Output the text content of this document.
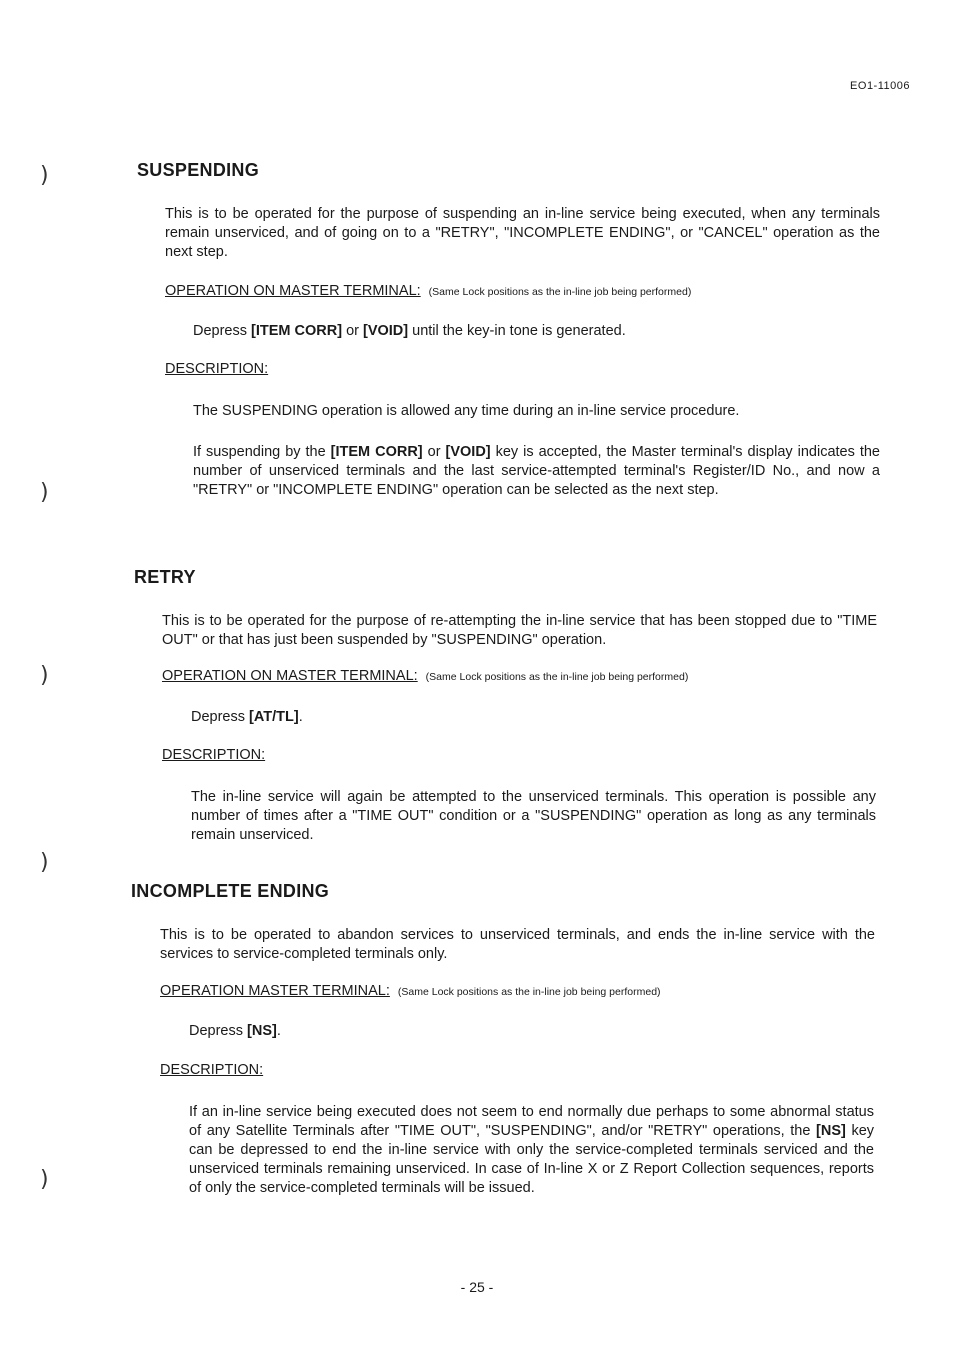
EO1-11006
)
)
)
)
)
SUSPENDING

This is to be operated for the purpose of suspending an in-line service being executed, when any terminals remain unserviced, and of going on to a "RETRY", "INCOMPLETE ENDING", or "CANCEL" operation as the next step.

OPERATION ON MASTER TERMINAL: (Same Lock positions as the in-line job being performed)
Depress [ITEM CORR] or [VOID] until the key-in tone is generated.
DESCRIPTION:

The SUSPENDING operation is allowed any time during an in-line service procedure.

If suspending by the [ITEM CORR] or [VOID] key is accepted, the Master terminal's display indicates the number of unserviced terminals and the last service-attempted terminal's Register/ID No., and now a "RETRY" or "INCOMPLETE ENDING" operation can be selected as the next step.

RETRY

This is to be operated for the purpose of re-attempting the in-line service that has been stopped due to "TIME OUT" or that has just been suspended by "SUSPENDING" operation.

OPERATION ON MASTER TERMINAL: (Same Lock positions as the in-line job being performed)
Depress [AT/TL].
DESCRIPTION:

The in-line service will again be attempted to the unserviced terminals. This operation is possible any number of times after a "TIME OUT" condition or a "SUSPENDING" operation as long as any terminals remain unserviced.

INCOMPLETE ENDING

This is to be operated to abandon services to unserviced terminals, and ends the in-line service with the services to service-completed terminals only.

OPERATION MASTER TERMINAL: (Same Lock positions as the in-line job being performed)
Depress [NS].
DESCRIPTION:

If an in-line service being executed does not seem to end normally due perhaps to some abnormal status of any Satellite Terminals after "TIME OUT", "SUSPENDING", and/or "RETRY" operations, the [NS] key can be depressed to end the in-line service with only the service-completed terminals serviced and the unserviced terminals remaining unserviced. In case of In-line X or Z Report Collection sequences, reports of only the service-completed terminals will be issued.

- 25 -
